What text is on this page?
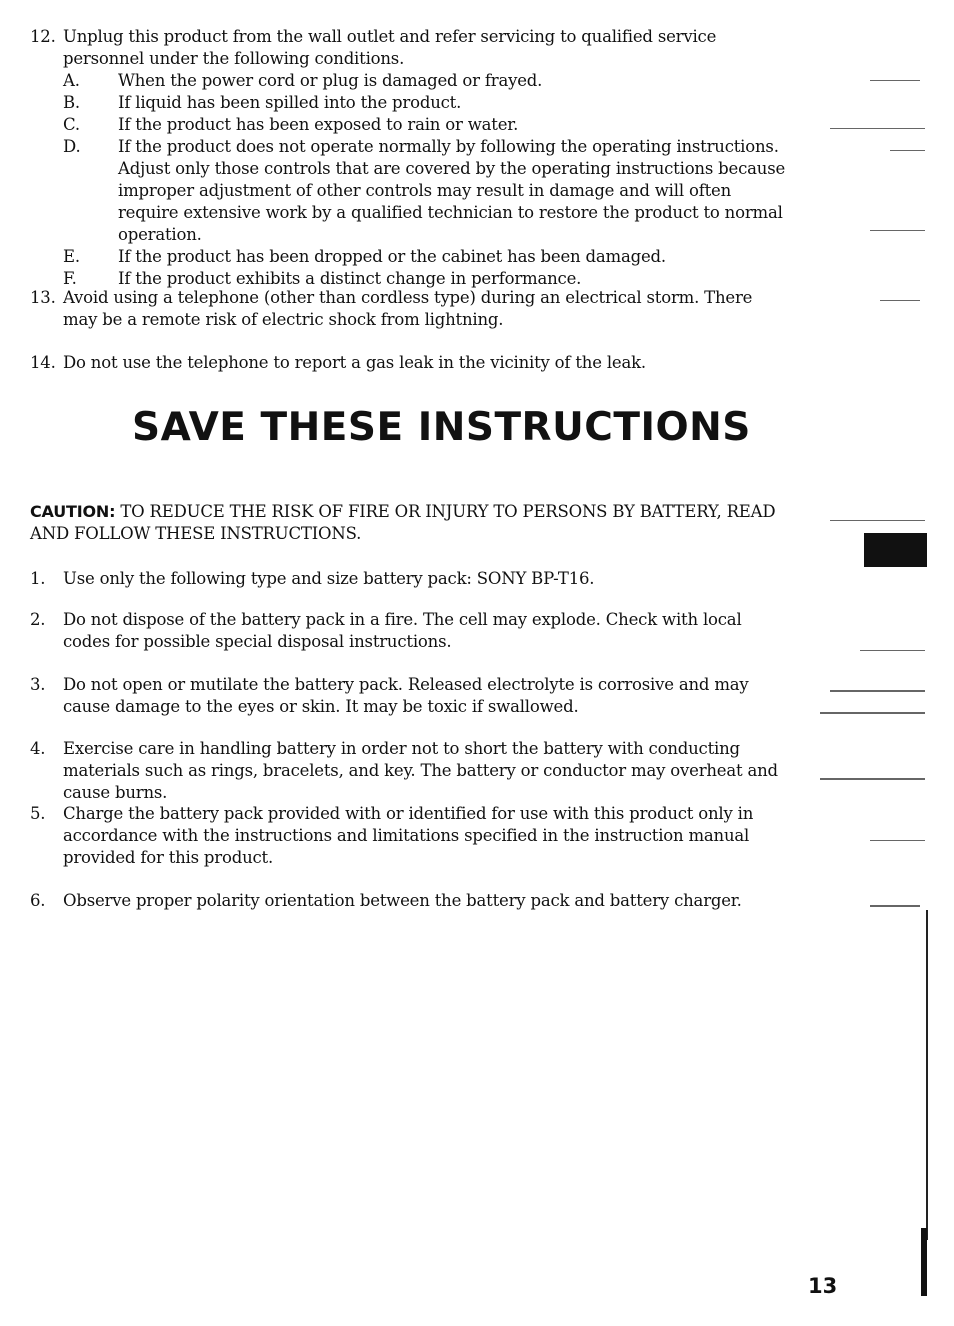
12. Unplug this product from the wall outlet and refer servicing to qualified service personnel under the following conditions.
A.	When the power cord or plug is damaged or frayed.
B.	If liquid has been spilled into the product.
C.	If the product has been exposed to rain or water.
D.	If the product does not operate normally by following the operating instructions. Adjust only those controls that are covered by the operating instructions because improper adjustment of other controls may result in damage and will often require extensive work by a qualified technician to restore the product to normal operation.
E.	If the product has been dropped or the cabinet has been damaged.
F.	If the product exhibits a distinct change in performance.
13. Avoid using a telephone (other than cordless type) during an electrical storm. There may be a remote risk of electric shock from lightning.
14. Do not use the telephone to report a gas leak in the vicinity of the leak.
SAVE THESE INSTRUCTIONS
CAUTION: TO REDUCE THE RISK OF FIRE OR INJURY TO PERSONS BY BATTERY, READ AND FOLLOW THESE INSTRUCTIONS.
1.	Use only the following type and size battery pack: SONY BP-T16.
2.	Do not dispose of the battery pack in a fire. The cell may explode. Check with local codes for possible special disposal instructions.
3.	Do not open or mutilate the battery pack. Released electrolyte is corrosive and may cause damage to the eyes or skin. It may be toxic if swallowed.
4.	Exercise care in handling battery in order not to short the battery with conducting materials such as rings, bracelets, and key. The battery or conductor may overheat and cause burns.
5.	Charge the battery pack provided with or identified for use with this product only in accordance with the instructions and limitations specified in the instruction manual provided for this product.
6.	Observe proper polarity orientation between the battery pack and battery charger.
13
